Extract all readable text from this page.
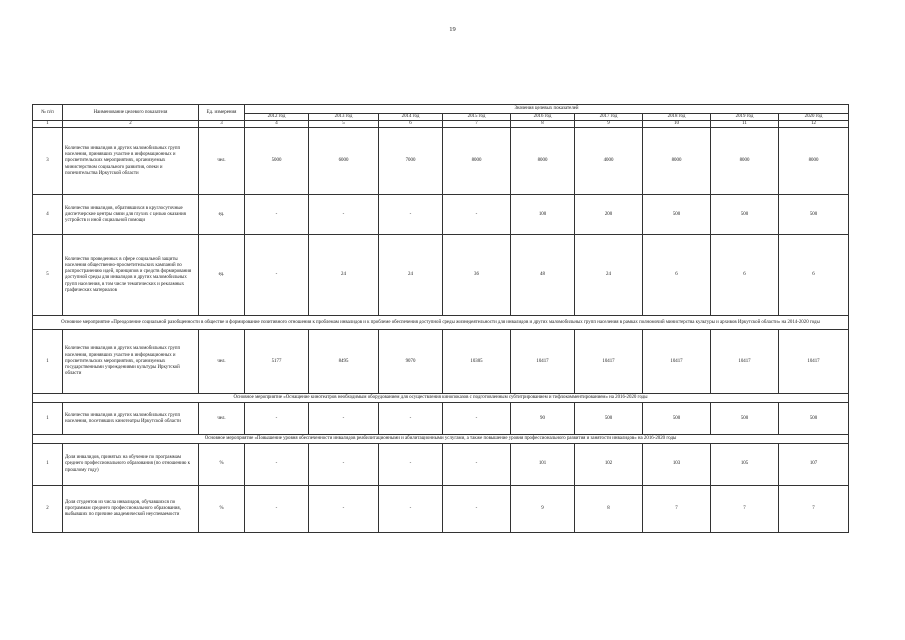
19
№ п/п	Наименование целевого показателя	Ед. измерения	Значения целевых показателей								
			2012 год	2013 год	2014 год	2015 год	2016 год	2017 год	2018 год	2019 год	2020 год
1	2	3	4	5	6	7	8	9	10	11	12
3	Количество инвалидов и других маломобильных групп населения, принявших участие в информационных и просветительских мероприятиях, организуемых министерством социального развития, опеки и попечительства Иркутской области	чел.	5000	6000	7000	8000	8000	4000	8000	8000	8000
4	Количество инвалидов, обратившихся в круглосуточные диспетчерские центры связи для глухих с целью оказания устройств и иной социальной помощи	ед.	-	-	-	-	100	200	500	500	500
5	Количество проведенных в сфере социальной защиты населения общественно-просветительских кампаний по распространению идей, принципов и средств формирования доступной среды для инвалидов и других маломобильных групп населения, в том числе тематических и рекламных графических материалов	ед.	-	24	24	36	48	24	6	6	6
Основное мероприятие «Преодоление социальной разобщенности в обществе и формирование позитивного отношения к проблемам инвалидов и к проблеме обеспечения доступной среды жизнедеятельности для инвалидов и других маломобильных групп населения в рамках полномочий министерства культуры и архивов Иркутской области» на 2014-2020 годы											
1	Количество инвалидов и других маломобильных групп населения, принявших участие в информационных и просветительских мероприятиях, организуемых государственными учреждениями культуры Иркутской области	чел.	5177	8495	9070	10305	10417	10417	10417	10417	10417
Основное мероприятие «Оснащение кинотеатров необходимым оборудованием для осуществления кинопоказов с подготовленным субтитрированием и тифлокомментированием» на 2016-2020 годы											
1	Количество инвалидов и других маломобильных групп населения, посетивших кинотеатры Иркутской области	чел.	-	-	-	-	90	500	500	500	500
Основное мероприятие «Повышение уровня обеспеченности инвалидов реабилитационными и абилитационными услугами, а также повышение уровня профессионального развития и занятости инвалидов» на 2016-2020 годы											
1	Доля инвалидов, принятых на обучение по программам среднего профессионального образования (по отношению к прошлому году)	%	-	-	-	-	101	102	103	105	107
2	Доля студентов из числа инвалидов, обучавшихся по программам среднего профессионального образования, выбывших по причине академической неуспеваемости	%	-	-	-	-	9	8	7	7	7
